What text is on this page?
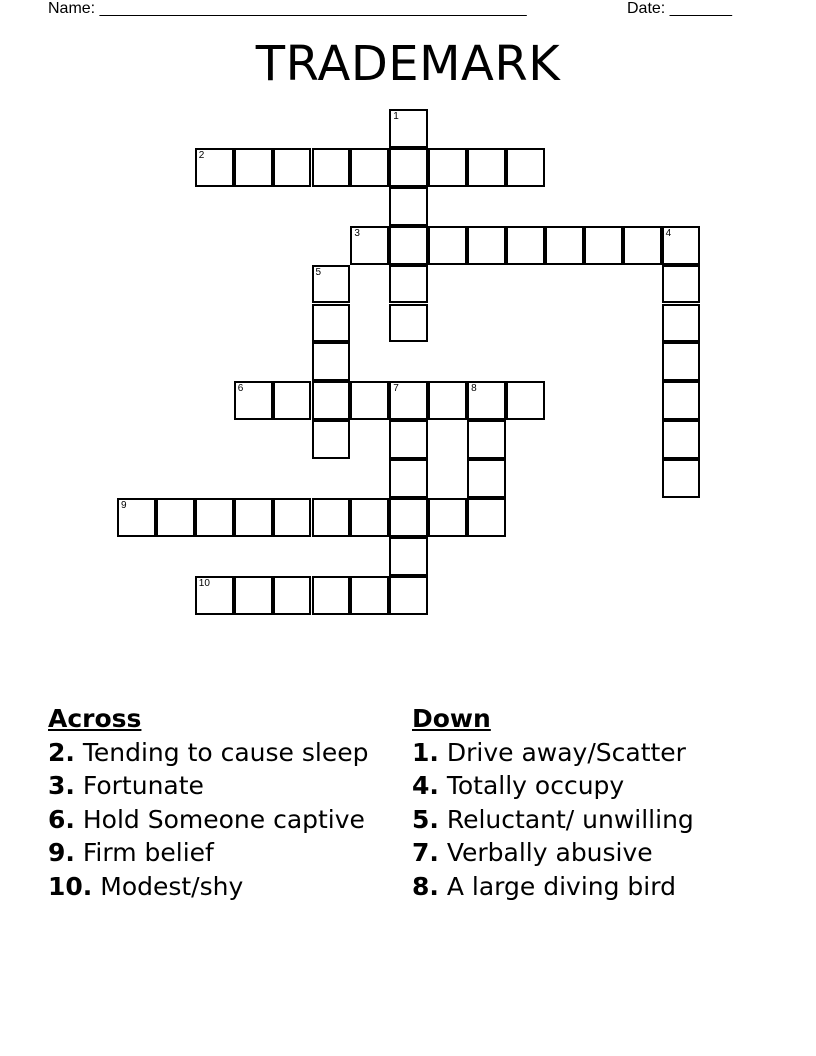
Name: ________________________________________________	Date: _______
TRADEMARK
1
2
3	4
5
6	7	8
9
10
Across
2. Tending to cause sleep
3. Fortunate
6. Hold Someone captive
9. Firm belief
10. Modest/shy
Down
1. Drive away/Scatter
4. Totally occupy
5. Reluctant/ unwilling
7. Verbally abusive
8. A large diving bird
